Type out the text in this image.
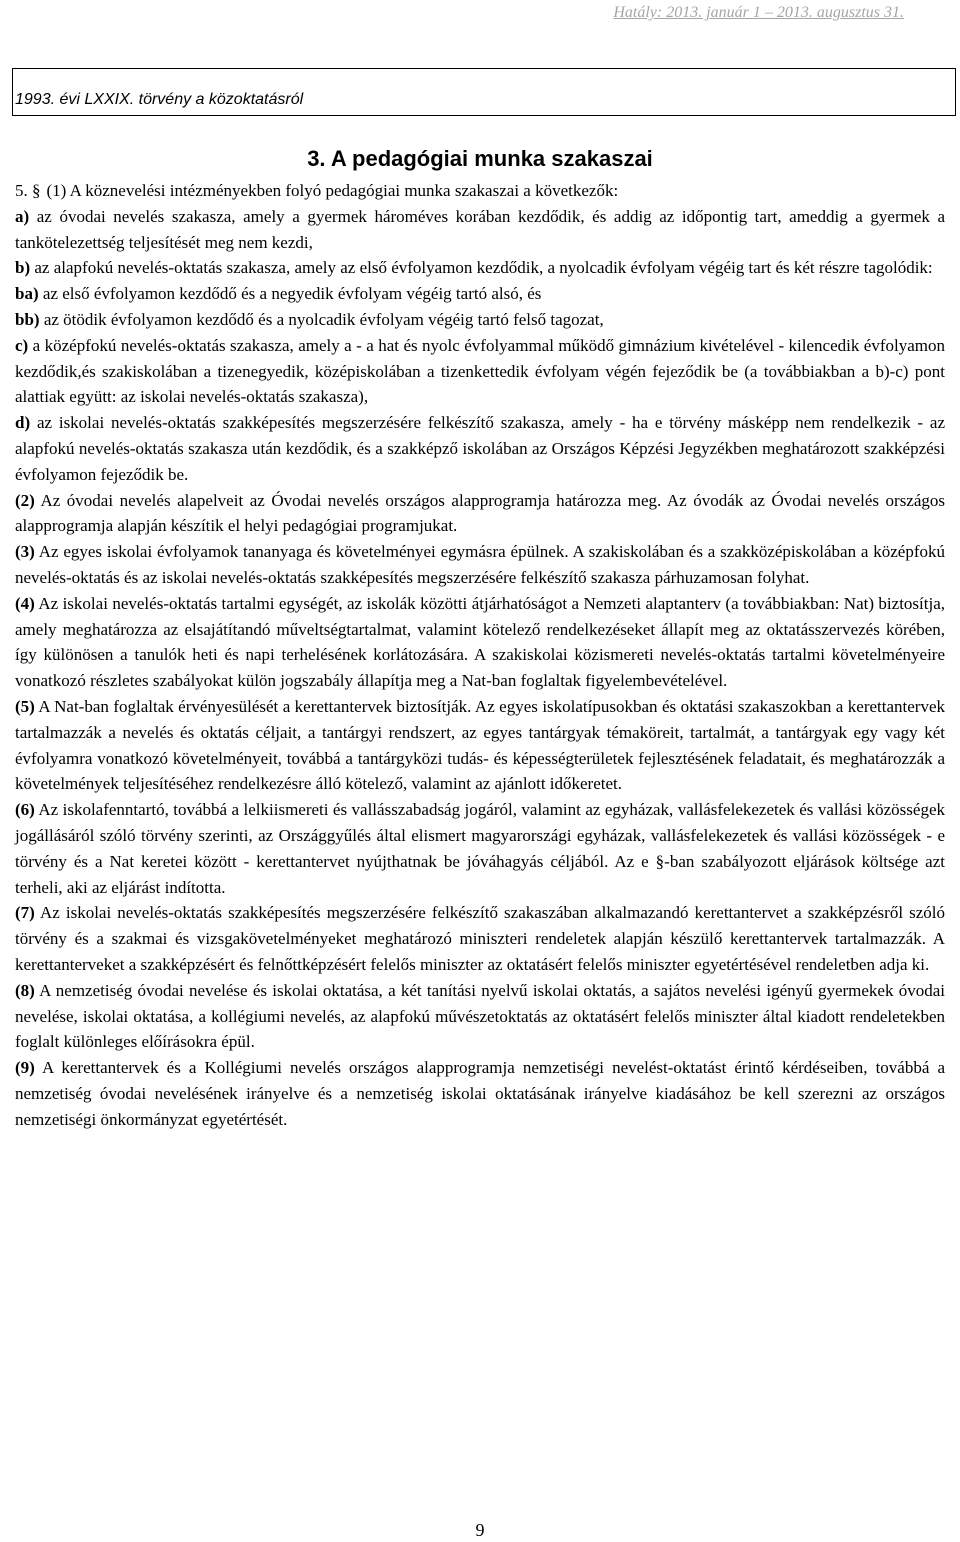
Hatály: 2013. január 1 – 2013. augusztus 31.
1993. évi LXXIX. törvény a közoktatásról
3. A pedagógiai munka szakaszai

5. § (1) A köznevelési intézményekben folyó pedagógiai munka szakaszai a következők:

a) az óvodai nevelés szakasza, amely a gyermek hároméves korában kezdődik, és addig az időpontig tart, ameddig a gyermek a tankötelezettség teljesítését meg nem kezdi,

b) az alapfokú nevelés-oktatás szakasza, amely az első évfolyamon kezdődik, a nyolcadik évfolyam végéig tart és két részre tagolódik:

ba) az első évfolyamon kezdődő és a negyedik évfolyam végéig tartó alsó, és

bb) az ötödik évfolyamon kezdődő és a nyolcadik évfolyam végéig tartó felső tagozat,

c) a középfokú nevelés-oktatás szakasza, amely a - a hat és nyolc évfolyammal működő gimnázium kivételével - kilencedik évfolyamon kezdődik,és szakiskolában a tizenegyedik, középiskolában a tizenkettedik évfolyam végén fejeződik be (a továbbiakban a b)-c) pont alattiak együtt: az iskolai nevelés-oktatás szakasza),

d) az iskolai nevelés-oktatás szakképesítés megszerzésére felkészítő szakasza, amely - ha e törvény másképp nem rendelkezik - az alapfokú nevelés-oktatás szakasza után kezdődik, és a szakképző iskolában az Országos Képzési Jegyzékben meghatározott szakképzési évfolyamon fejeződik be.

(2) Az óvodai nevelés alapelveit az Óvodai nevelés országos alapprogramja határozza meg. Az óvodák az Óvodai nevelés országos alapprogramja alapján készítik el helyi pedagógiai programjukat.

(3) Az egyes iskolai évfolyamok tananyaga és követelményei egymásra épülnek. A szakiskolában és a szakközépiskolában a középfokú nevelés-oktatás és az iskolai nevelés-oktatás szakképesítés megszerzésére felkészítő szakasza párhuzamosan folyhat.

(4) Az iskolai nevelés-oktatás tartalmi egységét, az iskolák közötti átjárhatóságot a Nemzeti alaptanterv (a továbbiakban: Nat) biztosítja, amely meghatározza az elsajátítandó műveltségtartalmat, valamint kötelező rendelkezéseket állapít meg az oktatásszervezés körében, így különösen a tanulók heti és napi terhelésének korlátozására. A szakiskolai közismereti nevelés-oktatás tartalmi követelményeire vonatkozó részletes szabályokat külön jogszabály állapítja meg a Nat-ban foglaltak figyelembevételével.

(5) A Nat-ban foglaltak érvényesülését a kerettantervek biztosítják. Az egyes iskolatípusokban és oktatási szakaszokban a kerettantervek tartalmazzák a nevelés és oktatás céljait, a tantárgyi rendszert, az egyes tantárgyak témaköreit, tartalmát, a tantárgyak egy vagy két évfolyamra vonatkozó követelményeit, továbbá a tantárgyközi tudás- és képességterületek fejlesztésének feladatait, és meghatározzák a követelmények teljesítéséhez rendelkezésre álló kötelező, valamint az ajánlott időkeretet.

(6) Az iskolafenntartó, továbbá a lelkiismereti és vallásszabadság jogáról, valamint az egyházak, vallásfelekezetek és vallási közösségek jogállásáról szóló törvény szerinti, az Országgyűlés által elismert magyarországi egyházak, vallásfelekezetek és vallási közösségek - e törvény és a Nat keretei között - kerettantervet nyújthatnak be jóváhagyás céljából. Az e §-ban szabályozott eljárások költsége azt terheli, aki az eljárást indította.

(7) Az iskolai nevelés-oktatás szakképesítés megszerzésére felkészítő szakaszában alkalmazandó kerettantervet a szakképzésről szóló törvény és a szakmai és vizsgakövetelményeket meghatározó miniszteri rendeletek alapján készülő kerettantervek tartalmazzák. A kerettanterveket a szakképzésért és felnőttképzésért felelős miniszter az oktatásért felelős miniszter egyetértésével rendeletben adja ki.

(8) A nemzetiség óvodai nevelése és iskolai oktatása, a két tanítási nyelvű iskolai oktatás, a sajátos nevelési igényű gyermekek óvodai nevelése, iskolai oktatása, a kollégiumi nevelés, az alapfokú művészetoktatás az oktatásért felelős miniszter által kiadott rendeletekben foglalt különleges előírásokra épül.

(9) A kerettantervek és a Kollégiumi nevelés országos alapprogramja nemzetiségi nevelést-oktatást érintő kérdéseiben, továbbá a nemzetiség óvodai nevelésének irányelve és a nemzetiség iskolai oktatásának irányelve kiadásához be kell szerezni az országos nemzetiségi önkormányzat egyetértését.

9
